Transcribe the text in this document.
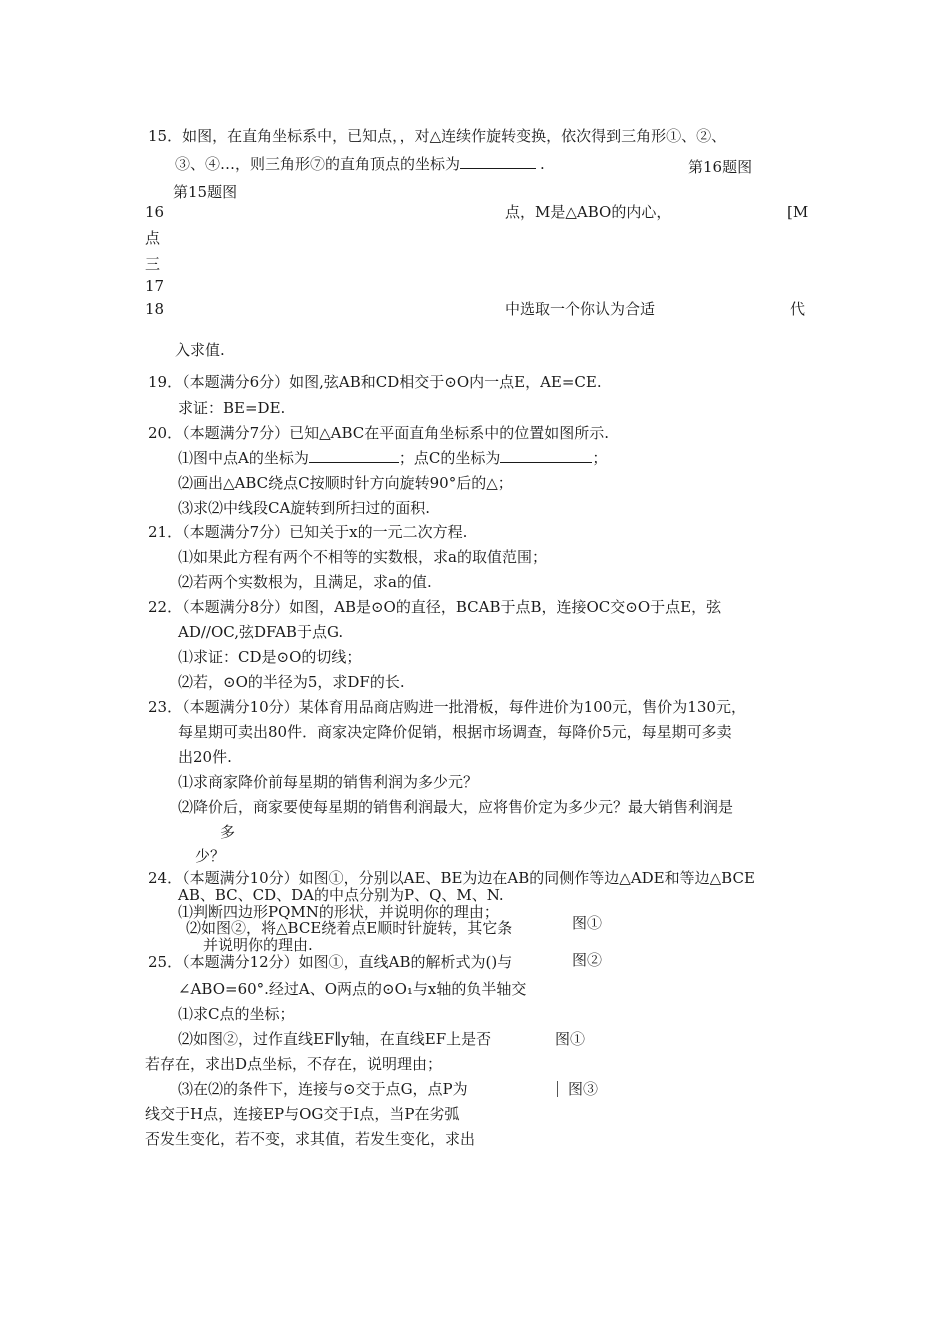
15．如图，在直角坐标系中，已知点，，对△连续作旋转变换，依次得到三角形①、②、
③、④…，则三角形⑦的直角顶点的坐标为	.	第16题图
第15题图
16	点，M是△ABO的内心，	[M
点
三
17
18	中选取一个你认为合适	代
入求值.
19．（本题满分6分）如图,弦AB和CD相交于⊙O内一点E，AE=CE.
求证：BE=DE.
20．（本题满分7分）已知△ABC在平面直角坐标系中的位置如图所示.
⑴图中点A的坐标为	；点C的坐标为	；
⑵画出△ABC绕点C按顺时针方向旋转90°后的△；
⑶求⑵中线段CA旋转到所扫过的面积.
21．（本题满分7分）已知关于x的一元二次方程.
⑴如果此方程有两个不相等的实数根，求a的取值范围；
⑵若两个实数根为，且满足，求a的值.
22．（本题满分8分）如图，AB是⊙O的直径，BCAB于点B，连接OC交⊙O于点E，弦
AD//OC,弦DFAB于点G.
⑴求证：CD是⊙O的切线；
⑵若，⊙O的半径为5，求DF的长.
23．（本题满分10分）某体育用品商店购进一批滑板，每件进价为100元，售价为130元，
每星期可卖出80件．商家决定降价促销，根据市场调查，每降价5元，每星期可多卖
出20件.
⑴求商家降价前每星期的销售利润为多少元？
⑵降价后，商家要使每星期的销售利润最大，应将售价定为多少元？最大销售利润是
多
少？
24．（本题满分10分）如图①，分别以AE、BE为边在AB的同侧作等边△ADE和等边△BCE
AB、BC、CD、DA的中点分别为P、Q、M、N.
⑴判断四边形PQMN的形状，并说明你的理由；
⑵如图②，将△BCE绕着点E顺时针旋转，其它条	图①
并说明你的理由.
25．（本题满分12分）如图①，直线AB的解析式为()与	图②
∠ABO=60°.经过A、O两点的⊙O₁与x轴的负半轴交
⑴求C点的坐标；
⑵如图②，过作直线EF∥y轴，在直线EF上是否	图①
若存在，求出D点坐标，不存在，说明理由；
⑶在⑵的条件下，连接与⊙交于点G，点P为	图③
线交于H点，连接EP与OG交于I点，当P在劣弧
否发生变化，若不变，求其值，若发生变化，求出
